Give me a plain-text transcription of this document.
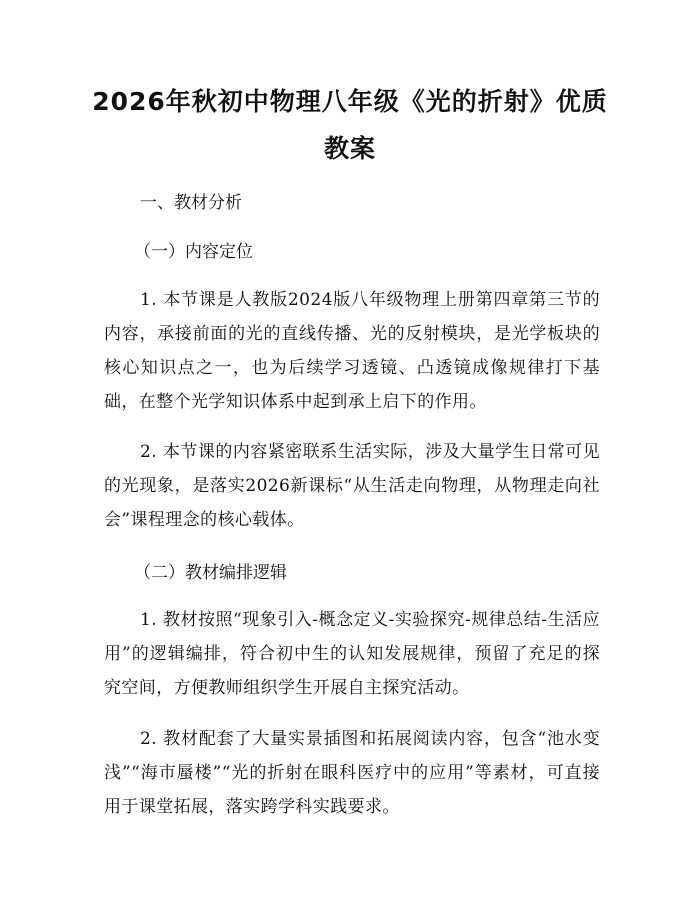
2026年秋初中物理八年级《光的折射》优质
教案
一、教材分析
（一）内容定位

1. 本节课是人教版2024版八年级物理上册第四章第三节的内容，承接前面的光的直线传播、光的反射模块，是光学板块的核心知识点之一，也为后续学习透镜、凸透镜成像规律打下基础，在整个光学知识体系中起到承上启下的作用。

2. 本节课的内容紧密联系生活实际，涉及大量学生日常可见的光现象，是落实2026新课标“从生活走向物理，从物理走向社会”课程理念的核心载体。

（二）教材编排逻辑

1. 教材按照“现象引入-概念定义-实验探究-规律总结-生活应用”的逻辑编排，符合初中生的认知发展规律，预留了充足的探究空间，方便教师组织学生开展自主探究活动。

2. 教材配套了大量实景插图和拓展阅读内容，包含“池水变浅”“海市蜃楼”“光的折射在眼科医疗中的应用”等素材，可直接用于课堂拓展，落实跨学科实践要求。
